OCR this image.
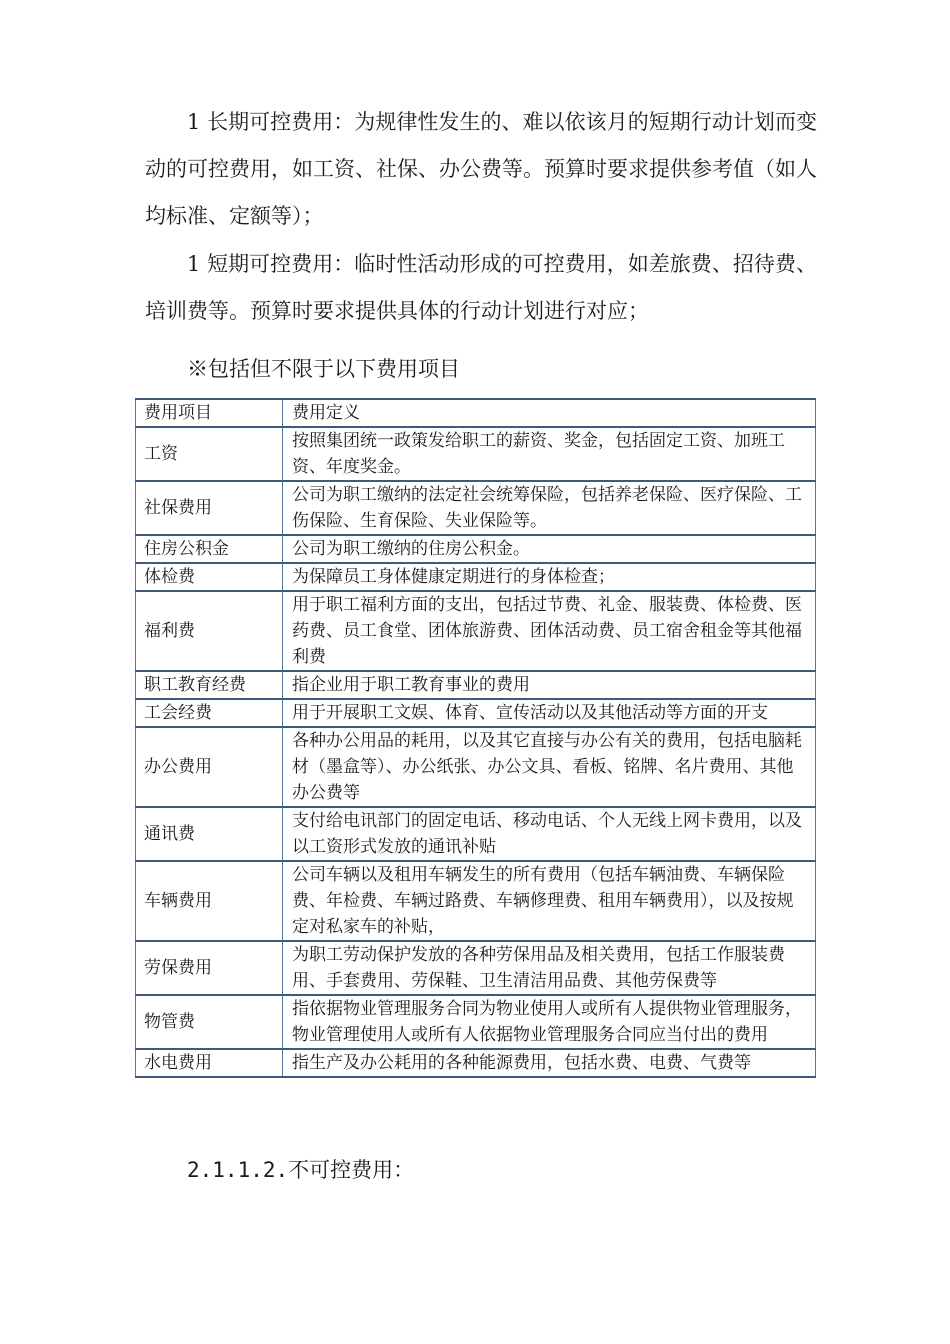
1 长期可控费用：为规律性发生的、难以依该月的短期行动计划而变动的可控费用，如工资、社保、办公费等。预算时要求提供参考值（如人均标准、定额等）；
1 短期可控费用：临时性活动形成的可控费用，如差旅费、招待费、培训费等。预算时要求提供具体的行动计划进行对应；
※包括但不限于以下费用项目
费用项目	费用定义
工资	按照集团统一政策发给职工的薪资、奖金，包括固定工资、加班工资、年度奖金。
社保费用	公司为职工缴纳的法定社会统筹保险，包括养老保险、医疗保险、工伤保险、生育保险、失业保险等。
住房公积金	公司为职工缴纳的住房公积金。
体检费	为保障员工身体健康定期进行的身体检查；
福利费	用于职工福利方面的支出，包括过节费、礼金、服装费、体检费、医药费、员工食堂、团体旅游费、团体活动费、员工宿舍租金等其他福利费
职工教育经费	指企业用于职工教育事业的费用
工会经费	用于开展职工文娱、体育、宣传活动以及其他活动等方面的开支
办公费用	各种办公用品的耗用，以及其它直接与办公有关的费用，包括电脑耗材（墨盒等）、办公纸张、办公文具、看板、铭牌、名片费用、其他办公费等
通讯费	支付给电讯部门的固定电话、移动电话、个人无线上网卡费用，以及以工资形式发放的通讯补贴
车辆费用	公司车辆以及租用车辆发生的所有费用（包括车辆油费、车辆保险费、年检费、车辆过路费、车辆修理费、租用车辆费用），以及按规定对私家车的补贴，
劳保费用	为职工劳动保护发放的各种劳保用品及相关费用，包括工作服装费用、手套费用、劳保鞋、卫生清洁用品费、其他劳保费等
物管费	指依据物业管理服务合同为物业使用人或所有人提供物业管理服务，物业管理使用人或所有人依据物业管理服务合同应当付出的费用
水电费用	指生产及办公耗用的各种能源费用，包括水费、电费、气费等
2.1.1.2.不可控费用：
